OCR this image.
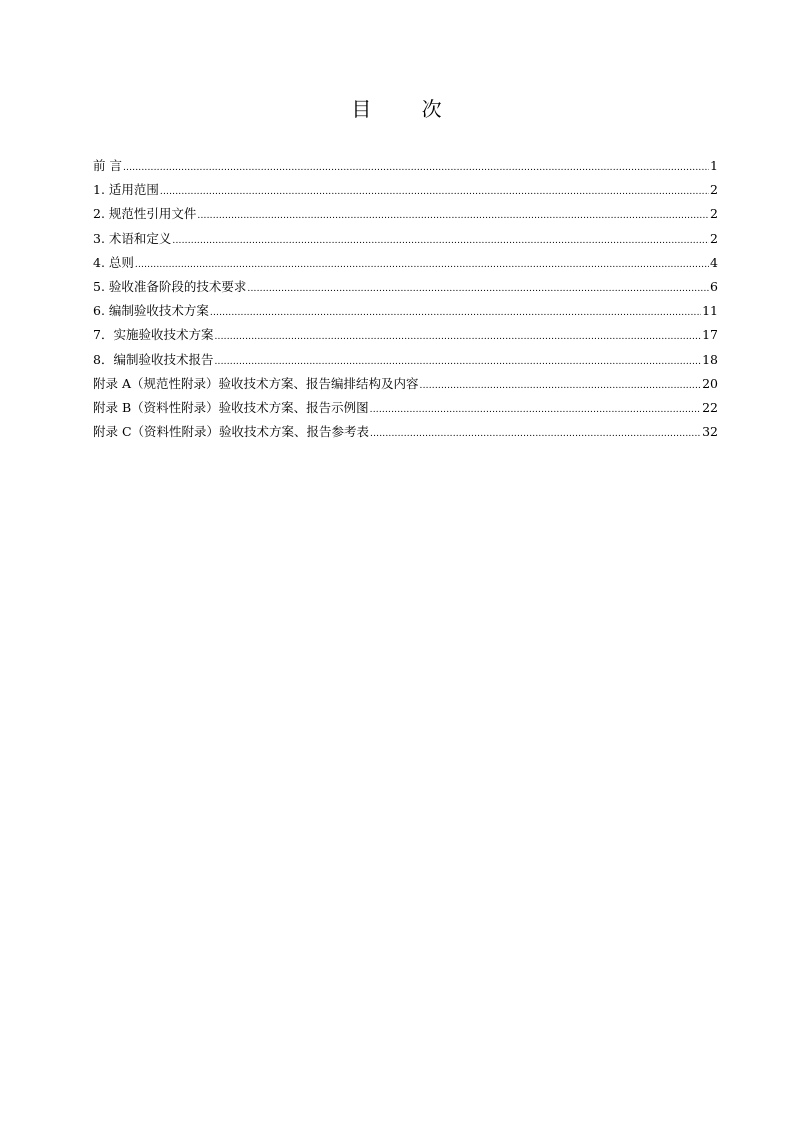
目 次
前 言 .....	1
1. 适用范围 .....	2
2. 规范性引用文件 .....	2
3. 术语和定义 .....	2
4. 总则 .....	4
5. 验收准备阶段的技术要求 .....	6
6. 编制验收技术方案 .....	11
7．实施验收技术方案 .....	17
8．编制验收技术报告 .....	18
附录 A（规范性附录）验收技术方案、报告编排结构及内容 .....	20
附录 B（资料性附录）验收技术方案、报告示例图 .....	22
附录 C（资料性附录）验收技术方案、报告参考表 .....	32
